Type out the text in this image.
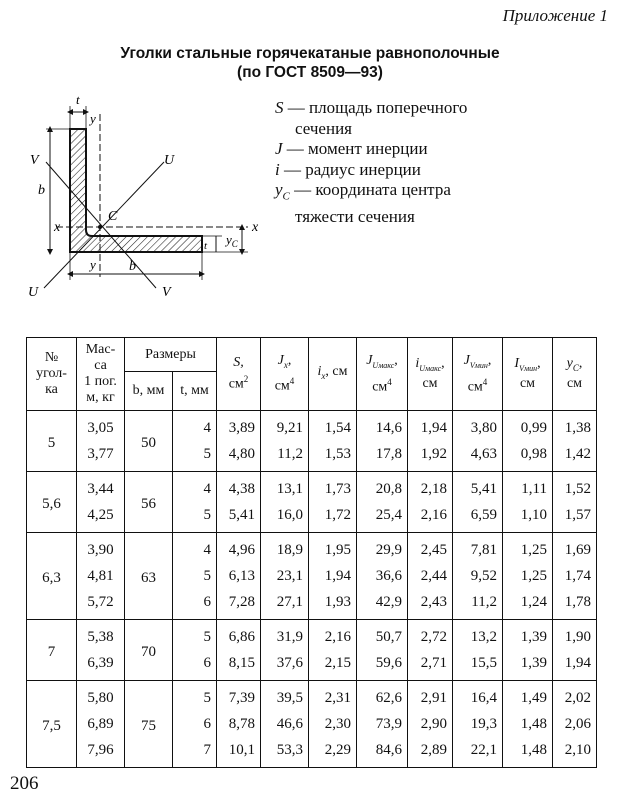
Приложение 1
Уголки стальные горячекатаные равнополочные
(по ГОСТ 8509—93)
t
y
y
b
b
x	x
V
V
U
U
C
t $y_C$
S — площадь поперечного
сечения
J — момент инерции
i — радиус инерции
$y_C$ — координата центра
тяжести сечения
№
угол-
ка	Мас-
са
1 пог.
м, кг	Размеры		S,
$см^2$	$J_x$,
$см^4$	$i_x$, см	$J_{Uмакс}$,
$см^4$	$i_{Uмакс}$,
см	$J_{Vмин}$,
$см^4$	$I_{Vмин}$,
см	$y_C$,
см
		b, мм	t, мм								
5	3,05	50	4	3,89	9,21	1,54	14,6	1,94	3,80	0,99	1,38
	3,77		5	4,80	11,2	1,53	17,8	1,92	4,63	0,98	1,42
5,6	3,44	56	4	4,38	13,1	1,73	20,8	2,18	5,41	1,11	1,52
	4,25		5	5,41	16,0	1,72	25,4	2,16	6,59	1,10	1,57
6,3	3,90	63	4	4,96	18,9	1,95	29,9	2,45	7,81	1,25	1,69
	4,81		5	6,13	23,1	1,94	36,6	2,44	9,52	1,25	1,74
	5,72		6	7,28	27,1	1,93	42,9	2,43	11,2	1,24	1,78
7	5,38	70	5	6,86	31,9	2,16	50,7	2,72	13,2	1,39	1,90
	6,39		6	8,15	37,6	2,15	59,6	2,71	15,5	1,39	1,94
7,5	5,80	75	5	7,39	39,5	2,31	62,6	2,91	16,4	1,49	2,02
	6,89		6	8,78	46,6	2,30	73,9	2,90	19,3	1,48	2,06
	7,96		7	10,1	53,3	2,29	84,6	2,89	22,1	1,48	2,10
206
